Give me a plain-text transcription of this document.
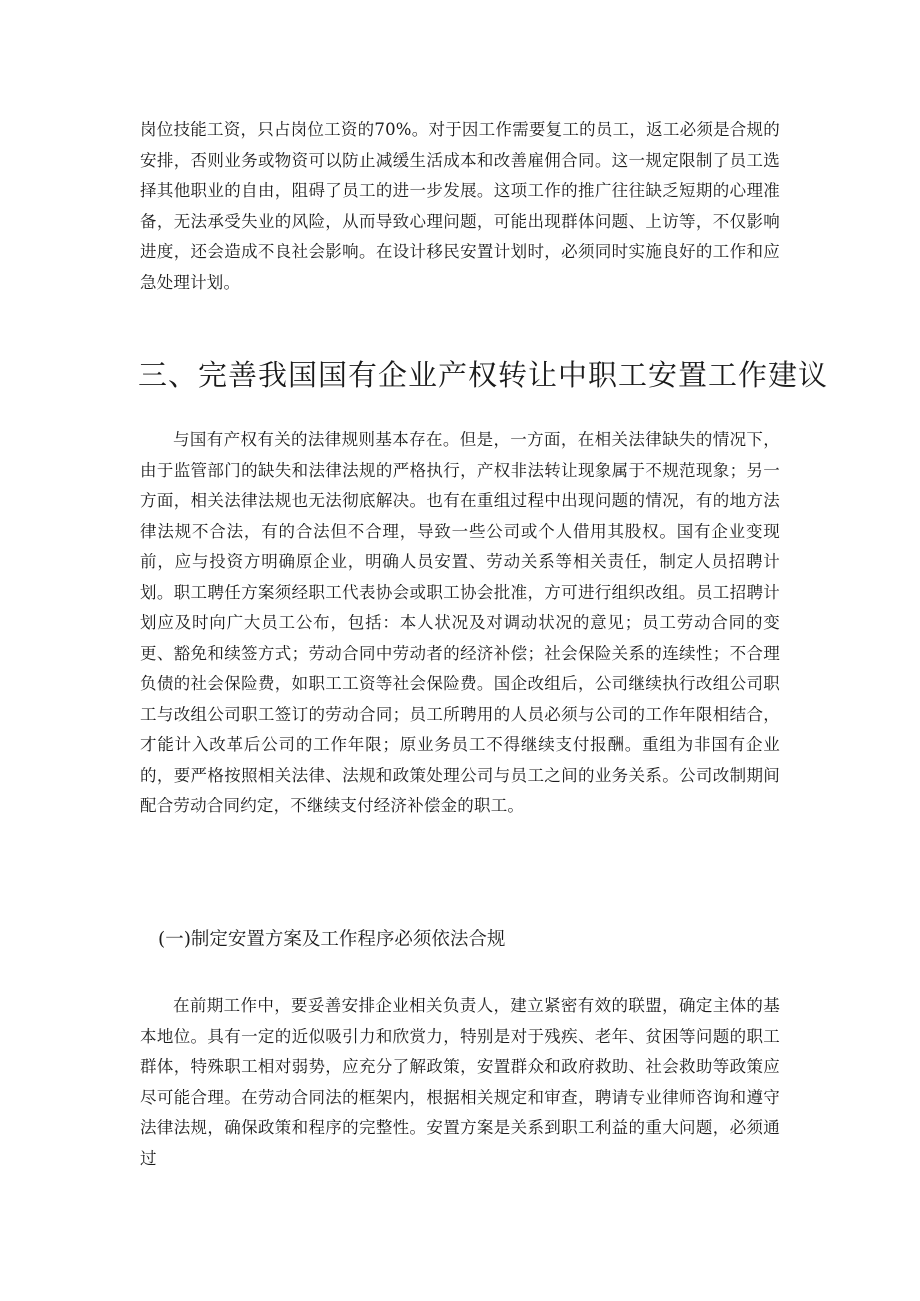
岗位技能工资，只占岗位工资的70%。对于因工作需要复工的员工，返工必须是合规的安排，否则业务或物资可以防止减缓生活成本和改善雇佣合同。这一规定限制了员工选择其他职业的自由，阻碍了员工的进一步发展。这项工作的推广往往缺乏短期的心理准备，无法承受失业的风险，从而导致心理问题，可能出现群体问题、上访等，不仅影响进度，还会造成不良社会影响。在设计移民安置计划时，必须同时实施良好的工作和应急处理计划。

三、完善我国国有企业产权转让中职工安置工作建议

与国有产权有关的法律规则基本存在。但是，一方面，在相关法律缺失的情况下，由于监管部门的缺失和法律法规的严格执行，产权非法转让现象属于不规范现象；另一方面，相关法律法规也无法彻底解决。也有在重组过程中出现问题的情况，有的地方法律法规不合法，有的合法但不合理，导致一些公司或个人借用其股权。国有企业变现前，应与投资方明确原企业，明确人员安置、劳动关系等相关责任，制定人员招聘计划。职工聘任方案须经职工代表协会或职工协会批准，方可进行组织改组。员工招聘计划应及时向广大员工公布，包括：本人状况及对调动状况的意见；员工劳动合同的变更、豁免和续签方式；劳动合同中劳动者的经济补偿；社会保险关系的连续性；不合理负债的社会保险费，如职工工资等社会保险费。国企改组后，公司继续执行改组公司职工与改组公司职工签订的劳动合同；员工所聘用的人员必须与公司的工作年限相结合，才能计入改革后公司的工作年限；原业务员工不得继续支付报酬。重组为非国有企业的，要严格按照相关法律、法规和政策处理公司与员工之间的业务关系。公司改制期间配合劳动合同约定，不继续支付经济补偿金的职工。

(一)制定安置方案及工作程序必须依法合规

在前期工作中，要妥善安排企业相关负责人，建立紧密有效的联盟，确定主体的基本地位。具有一定的近似吸引力和欣赏力，特别是对于残疾、老年、贫困等问题的职工群体，特殊职工相对弱势，应充分了解政策，安置群众和政府救助、社会救助等政策应尽可能合理。在劳动合同法的框架内，根据相关规定和审查，聘请专业律师咨询和遵守法律法规，确保政策和程序的完整性。安置方案是关系到职工利益的重大问题，必须通过
